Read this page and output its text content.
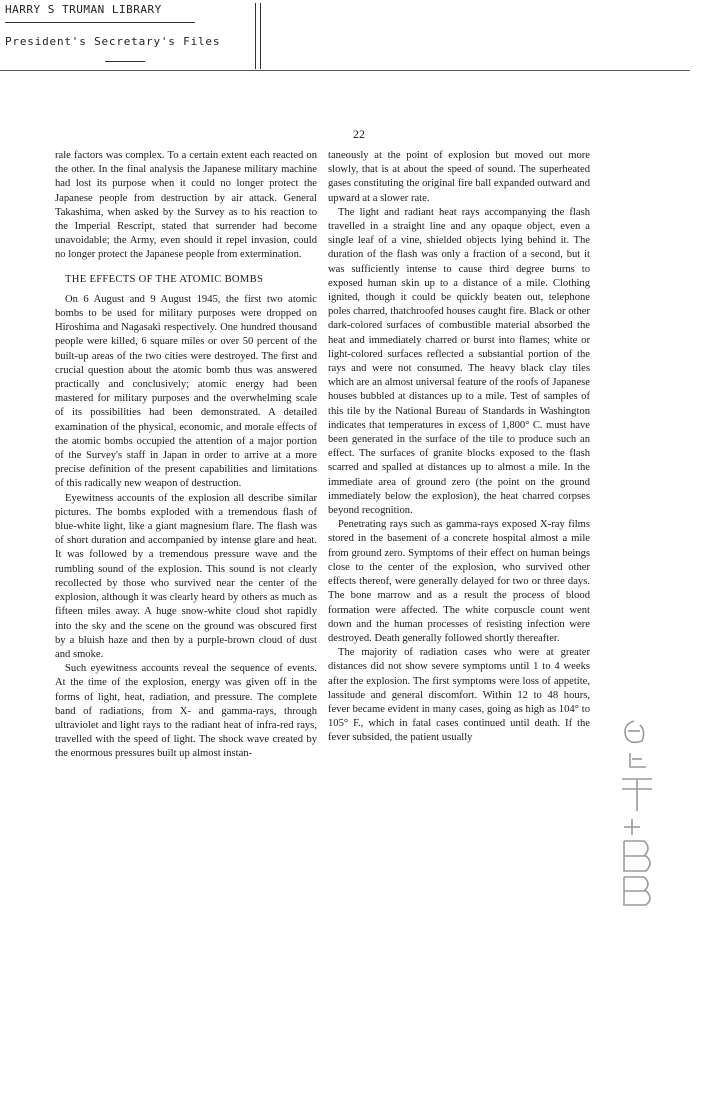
HARRY S TRUMAN LIBRARY
President's Secretary's Files
22

rale factors was complex. To a certain extent each reacted on the other. In the final analysis the Japanese military machine had lost its purpose when it could no longer protect the Japanese people from destruction by air attack. General Takashima, when asked by the Survey as to his reaction to the Imperial Rescript, stated that surrender had become unavoidable; the Army, even should it repel invasion, could no longer protect the Japanese people from extermination.

THE EFFECTS OF THE ATOMIC BOMBS

On 6 August and 9 August 1945, the first two atomic bombs to be used for military purposes were dropped on Hiroshima and Nagasaki respectively. One hundred thousand people were killed, 6 square miles or over 50 percent of the built-up areas of the two cities were destroyed. The first and crucial question about the atomic bomb thus was answered practically and conclusively; atomic energy had been mastered for military purposes and the overwhelming scale of its possibilities had been demonstrated. A detailed examination of the physical, economic, and morale effects of the atomic bombs occupied the attention of a major portion of the Survey's staff in Japan in order to arrive at a more precise definition of the present capabilities and limitations of this radically new weapon of destruction.

Eyewitness accounts of the explosion all describe similar pictures. The bombs exploded with a tremendous flash of blue-white light, like a giant magnesium flare. The flash was of short duration and accompanied by intense glare and heat. It was followed by a tremendous pressure wave and the rumbling sound of the explosion. This sound is not clearly recollected by those who survived near the center of the explosion, although it was clearly heard by others as much as fifteen miles away. A huge snow-white cloud shot rapidly into the sky and the scene on the ground was obscured first by a bluish haze and then by a purple-brown cloud of dust and smoke.

Such eyewitness accounts reveal the sequence of events. At the time of the explosion, energy was given off in the forms of light, heat, radiation, and pressure. The complete band of radiations, from X- and gamma-rays, through ultraviolet and light rays to the radiant heat of infra-red rays, travelled with the speed of light. The shock wave created by the enormous pressures built up almost instan-

taneously at the point of explosion but moved out more slowly, that is at about the speed of sound. The superheated gases constituting the original fire ball expanded outward and upward at a slower rate.

The light and radiant heat rays accompanying the flash travelled in a straight line and any opaque object, even a single leaf of a vine, shielded objects lying behind it. The duration of the flash was only a fraction of a second, but it was sufficiently intense to cause third degree burns to exposed human skin up to a distance of a mile. Clothing ignited, though it could be quickly beaten out, telephone poles charred, thatchroofed houses caught fire. Black or other dark-colored surfaces of combustible material absorbed the heat and immediately charred or burst into flames; white or light-colored surfaces reflected a substantial portion of the rays and were not consumed. The heavy black clay tiles which are an almost universal feature of the roofs of Japanese houses bubbled at distances up to a mile. Test of samples of this tile by the National Bureau of Standards in Washington indicates that temperatures in excess of 1,800° C. must have been generated in the surface of the tile to produce such an effect. The surfaces of granite blocks exposed to the flash scarred and spalled at distances up to almost a mile. In the immediate area of ground zero (the point on the ground immediately below the explosion), the heat charred corpses beyond recognition.

Penetrating rays such as gamma-rays exposed X-ray films stored in the basement of a concrete hospital almost a mile from ground zero. Symptoms of their effect on human beings close to the center of the explosion, who survived other effects thereof, were generally delayed for two or three days. The bone marrow and as a result the process of blood formation were affected. The white corpuscle count went down and the human processes of resisting infection were destroyed. Death generally followed shortly thereafter.

The majority of radiation cases who were at greater distances did not show severe symptoms until 1 to 4 weeks after the explosion. The first symptoms were loss of appetite, lassitude and general discomfort. Within 12 to 48 hours, fever became evident in many cases, going as high as 104° to 105° F., which in fatal cases continued until death. If the fever subsided, the patient usually
